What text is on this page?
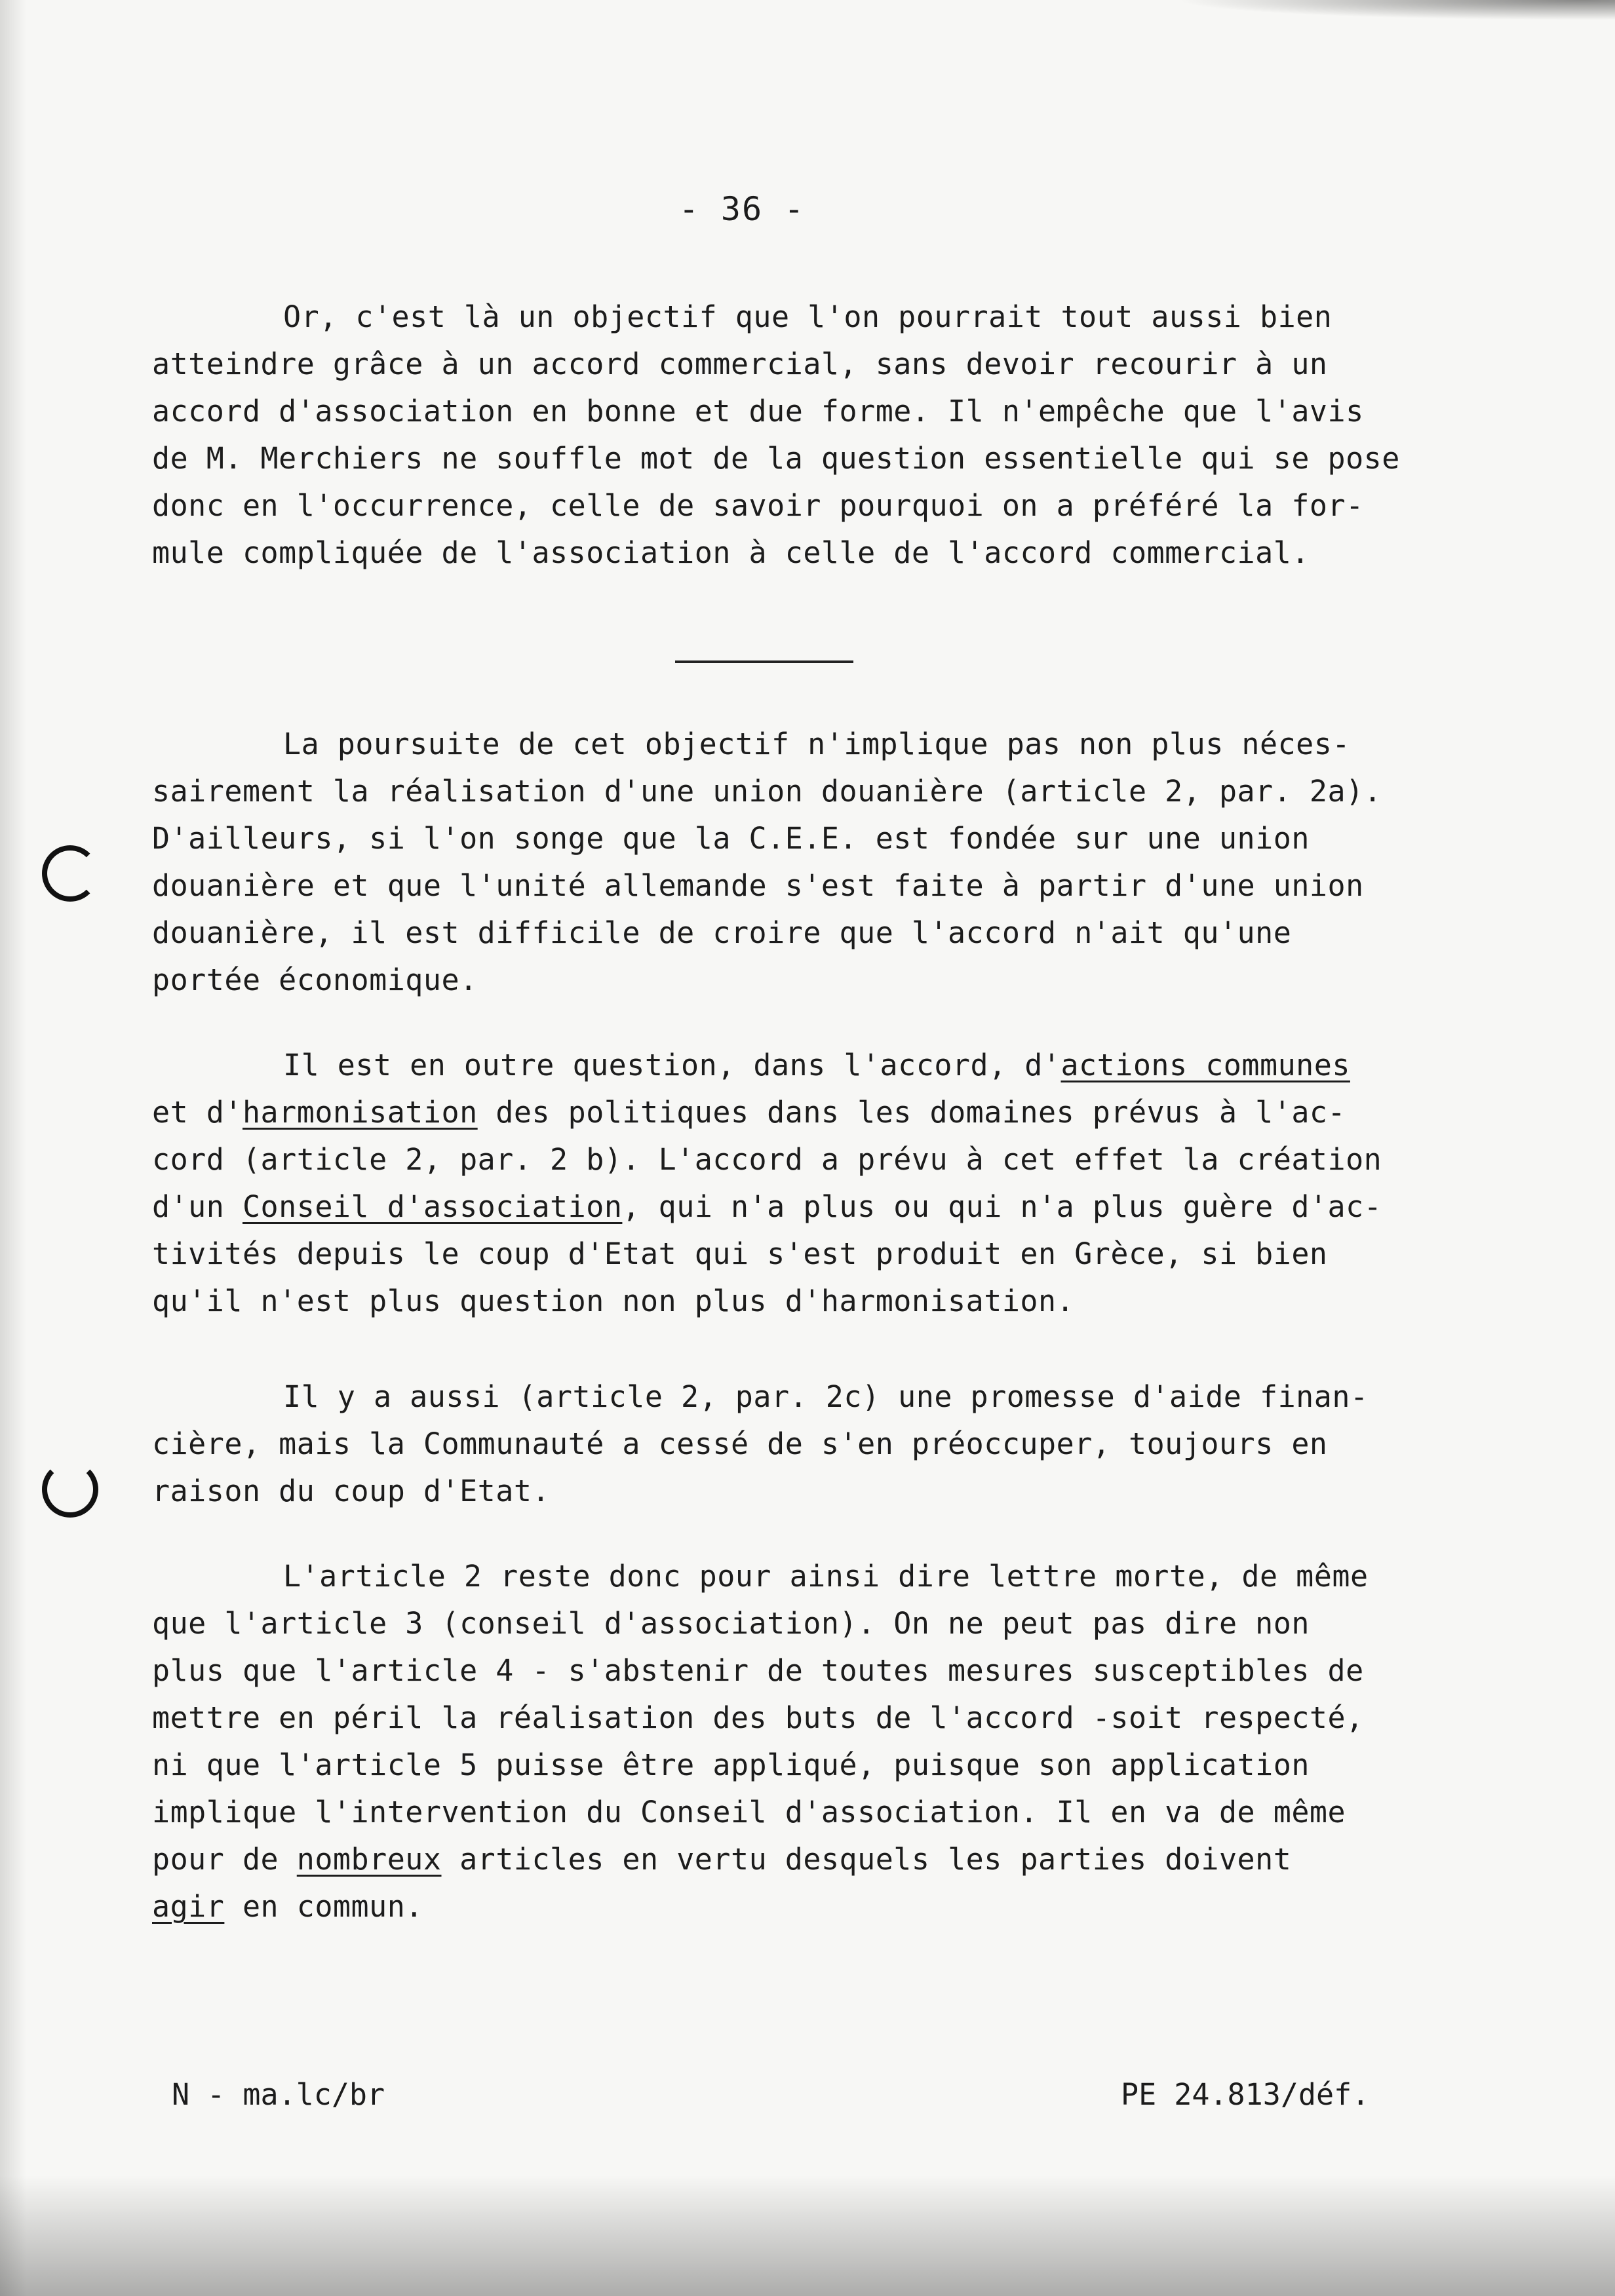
- 36 -

Or, c'est là un objectif que l'on pourrait tout aussi bien
atteindre grâce à un accord commercial, sans devoir recourir à un
accord d'association en bonne et due forme. Il n'empêche que l'avis
de M. Merchiers ne souffle mot de la question essentielle qui se pose
donc en l'occurrence, celle de savoir pourquoi on a préféré la for-
mule compliquée de l'association à celle de l'accord commercial.

La poursuite de cet objectif n'implique pas non plus néces-
sairement la réalisation d'une union douanière (article 2, par. 2a).
D'ailleurs, si l'on songe que la C.E.E. est fondée sur une union
douanière et que l'unité allemande s'est faite à partir d'une union
douanière, il est difficile de croire que l'accord n'ait qu'une
portée économique.

Il est en outre question, dans l'accord, d'actions communes
et d'harmonisation des politiques dans les domaines prévus à l'ac-
cord (article 2, par. 2 b). L'accord a prévu à cet effet la création
d'un Conseil d'association, qui n'a plus ou qui n'a plus guère d'ac-
tivités depuis le coup d'Etat qui s'est produit en Grèce, si bien
qu'il n'est plus question non plus d'harmonisation.

Il y a aussi (article 2, par. 2c) une promesse d'aide finan-
cière, mais la Communauté a cessé de s'en préoccuper, toujours en
raison du coup d'Etat.

L'article 2 reste donc pour ainsi dire lettre morte, de même
que l'article 3 (conseil d'association). On ne peut pas dire non
plus que l'article 4 - s'abstenir de toutes mesures susceptibles de
mettre en péril la réalisation des buts de l'accord -soit respecté,
ni que l'article 5 puisse être appliqué, puisque son application
implique l'intervention du Conseil d'association. Il en va de même
pour de nombreux articles en vertu desquels les parties doivent
agir en commun.

N - ma.lc/br	PE 24.813/déf.
